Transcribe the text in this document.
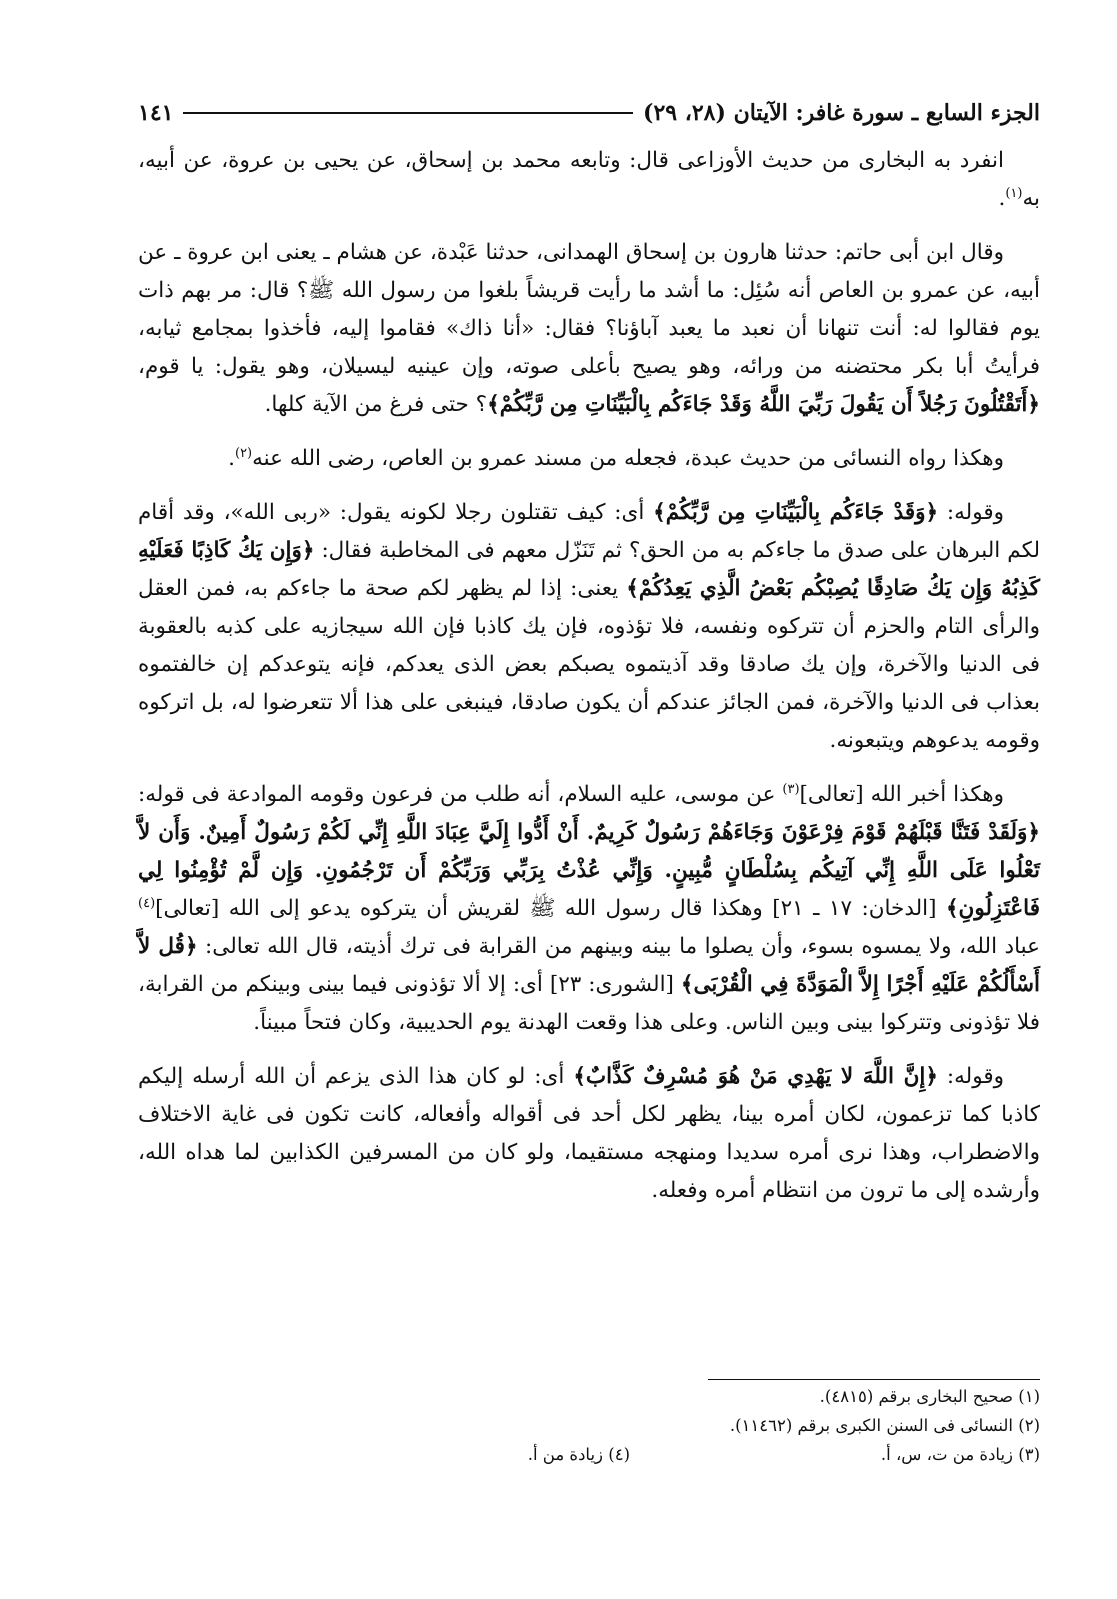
الجزء السابع ـ سورة غافر: الآيتان (٢٨، ٢٩)
١٤١

انفرد به البخارى من حديث الأوزاعى قال: وتابعه محمد بن إسحاق، عن يحيى بن عروة، عن أبيه، به$^{(١)}$.

وقال ابن أبى حاتم: حدثنا هارون بن إسحاق الهمدانى، حدثنا عَبْدة، عن هشام ـ يعنى ابن عروة ـ عن أبيه، عن عمرو بن العاص أنه سُئِل: ما أشد ما رأيت قريشاً بلغوا من رسول الله ﷺ؟ قال: مر بهم ذات يوم فقالوا له: أنت تنهانا أن نعبد ما يعبد آباؤنا؟ فقال: «أنا ذاك» فقاموا إليه، فأخذوا بمجامع ثيابه، فرأيتُ أبا بكر محتضنه من ورائه، وهو يصيح بأعلى صوته، وإن عينيه ليسيلان، وهو يقول: يا قوم، ﴿أَتَقْتُلُونَ رَجُلاً أَن يَقُولَ رَبِّيَ اللَّهُ وَقَدْ جَاءَكُم بِالْبَيِّنَاتِ مِن رَّبِّكُمْ﴾؟ حتى فرغ من الآية كلها.

وهكذا رواه النسائى من حديث عبدة، فجعله من مسند عمرو بن العاص، رضى الله عنه$^{(٢)}$.

وقوله: ﴿وَقَدْ جَاءَكُم بِالْبَيِّنَاتِ مِن رَّبِّكُمْ﴾ أى: كيف تقتلون رجلا لكونه يقول: «ربى الله»، وقد أقام لكم البرهان على صدق ما جاءكم به من الحق؟ ثم تَنَزّل معهم فى المخاطبة فقال: ﴿وَإِن يَكُ كَاذِبًا فَعَلَيْهِ كَذِبُهُ وَإِن يَكُ صَادِقًا يُصِبْكُم بَعْضُ الَّذِي يَعِدُكُمْ﴾ يعنى: إذا لم يظهر لكم صحة ما جاءكم به، فمن العقل والرأى التام والحزم أن تتركوه ونفسه، فلا تؤذوه، فإن يك كاذبا فإن الله سيجازيه على كذبه بالعقوبة فى الدنيا والآخرة، وإن يك صادقا وقد آذيتموه يصبكم بعض الذى يعدكم، فإنه يتوعدكم إن خالفتموه بعذاب فى الدنيا والآخرة، فمن الجائز عندكم أن يكون صادقا، فينبغى على هذا ألا تتعرضوا له، بل اتركوه وقومه يدعوهم ويتبعونه.

وهكذا أخبر الله [تعالى]$^{(٣)}$ عن موسى، عليه السلام، أنه طلب من فرعون وقومه الموادعة فى قوله: ﴿وَلَقَدْ فَتَنَّا قَبْلَهُمْ قَوْمَ فِرْعَوْنَ وَجَاءَهُمْ رَسُولٌ كَرِيمٌ. أَنْ أَدُّوا إِلَيَّ عِبَادَ اللَّهِ إِنِّي لَكُمْ رَسُولٌ أَمِينٌ. وَأَن لاَّ تَعْلُوا عَلَى اللَّهِ إِنِّي آتِيكُم بِسُلْطَانٍ مُّبِينٍ. وَإِنِّي عُذْتُ بِرَبِّي وَرَبِّكُمْ أَن تَرْجُمُونِ. وَإِن لَّمْ تُؤْمِنُوا لِي فَاعْتَزِلُونِ﴾ [الدخان: ١٧ ـ ٢١] وهكذا قال رسول الله ﷺ لقريش أن يتركوه يدعو إلى الله [تعالى]$^{(٤)}$ عباد الله، ولا يمسوه بسوء، وأن يصلوا ما بينه وبينهم من القرابة فى ترك أذيته، قال الله تعالى: ﴿قُل لاَّ أَسْأَلُكُمْ عَلَيْهِ أَجْرًا إِلاَّ الْمَوَدَّةَ فِي الْقُرْبَى﴾ [الشورى: ٢٣] أى: إلا ألا تؤذونى فيما بينى وبينكم من القرابة، فلا تؤذونى وتتركوا بينى وبين الناس. وعلى هذا وقعت الهدنة يوم الحديبية، وكان فتحاً مبيناً.

وقوله: ﴿إِنَّ اللَّهَ لا يَهْدِي مَنْ هُوَ مُسْرِفٌ كَذَّابٌ﴾ أى: لو كان هذا الذى يزعم أن الله أرسله إليكم كاذبا كما تزعمون، لكان أمره بينا، يظهر لكل أحد فى أقواله وأفعاله، كانت تكون فى غاية الاختلاف والاضطراب، وهذا نرى أمره سديدا ومنهجه مستقيما، ولو كان من المسرفين الكذابين لما هداه الله، وأرشده إلى ما ترون من انتظام أمره وفعله.

(١) صحيح البخارى برقم (٤٨١٥).
(٢) النسائى فى السنن الكبرى برقم (١١٤٦٢).
(٣) زيادة من ت، س، أ.
(٤) زيادة من أ.
